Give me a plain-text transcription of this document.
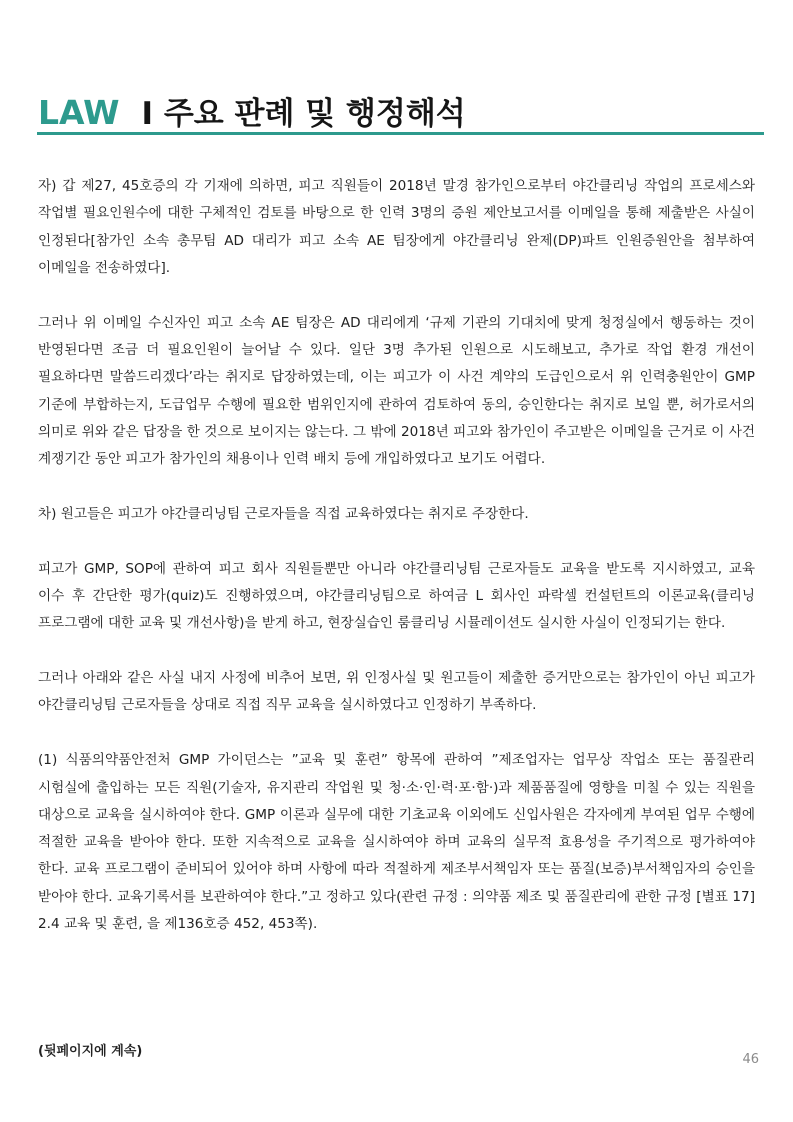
LAW I 주요 판례 및 행정해석

자) 갑 제27, 45호증의 각 기재에 의하면, 피고 직원들이 2018년 말경 참가인으로부터 야간클리닝 작업의 프로세스와 작업별 필요인원수에 대한 구체적인 검토를 바탕으로 한 인력 3명의 증원 제안보고서를 이메일을 통해 제출받은 사실이 인정된다[참가인 소속 총무팀 AD 대리가 피고 소속 AE 팀장에게 야간클리닝 완제(DP)파트 인원증원안을 첨부하여 이메일을 전송하였다].

그러나 위 이메일 수신자인 피고 소속 AE 팀장은 AD 대리에게 ‘규제 기관의 기대치에 맞게 청정실에서 행동하는 것이 반영된다면 조금 더 필요인원이 늘어날 수 있다. 일단 3명 추가된 인원으로 시도해보고, 추가로 작업 환경 개선이 필요하다면 말씀드리겠다’라는 취지로 답장하였는데, 이는 피고가 이 사건 계약의 도급인으로서 위 인력충원안이 GMP 기준에 부합하는지, 도급업무 수행에 필요한 범위인지에 관하여 검토하여 동의, 승인한다는 취지로 보일 뿐, 허가로서의 의미로 위와 같은 답장을 한 것으로 보이지는 않는다. 그 밖에 2018년 피고와 참가인이 주고받은 이메일을 근거로 이 사건 계쟁기간 동안 피고가 참가인의 채용이나 인력 배치 등에 개입하였다고 보기도 어렵다.

차) 원고들은 피고가 야간클리닝팀 근로자들을 직접 교육하였다는 취지로 주장한다.

피고가 GMP, SOP에 관하여 피고 회사 직원들뿐만 아니라 야간클리닝팀 근로자들도 교육을 받도록 지시하였고, 교육 이수 후 간단한 평가(quiz)도 진행하였으며, 야간클리닝팀으로 하여금 L 회사인 파락셀 컨설턴트의 이론교육(클리닝 프로그램에 대한 교육 및 개선사항)을 받게 하고, 현장실습인 룸클리닝 시뮬레이션도 실시한 사실이 인정되기는 한다.

그러나 아래와 같은 사실 내지 사정에 비추어 보면, 위 인정사실 및 원고들이 제출한 증거만으로는 참가인이 아닌 피고가 야간클리닝팀 근로자들을 상대로 직접 직무 교육을 실시하였다고 인정하기 부족하다.

(1) 식품의약품안전처 GMP 가이던스는 ”교육 및 훈련” 항목에 관하여 ”제조업자는 업무상 작업소 또는 품질관리 시험실에 출입하는 모든 직원(기술자, 유지관리 작업원 및 청·소·인·력·포·함·)과 제품품질에 영향을 미칠 수 있는 직원을 대상으로 교육을 실시하여야 한다. GMP 이론과 실무에 대한 기초교육 이외에도 신입사원은 각자에게 부여된 업무 수행에 적절한 교육을 받아야 한다. 또한 지속적으로 교육을 실시하여야 하며 교육의 실무적 효용성을 주기적으로 평가하여야 한다. 교육 프로그램이 준비되어 있어야 하며 사항에 따라 적절하게 제조부서책임자 또는 품질(보증)부서책임자의 승인을 받아야 한다. 교육기록서를 보관하여야 한다.”고 정하고 있다(관련 규정 : 의약품 제조 및 품질관리에 관한 규정 [별표 17] 2.4 교육 및 훈련, 을 제136호증 452, 453쪽).

(뒷페이지에 계속)
46
